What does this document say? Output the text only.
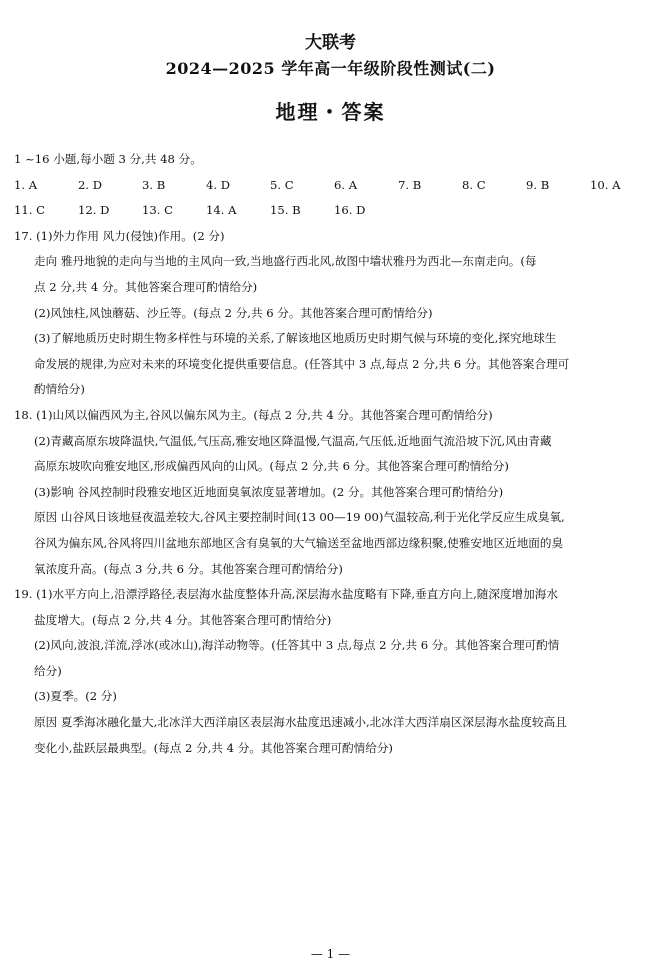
大联考
2024—2025 学年高一年级阶段性测试(二)
地理・答案
1 ~16 小题,每小题 3 分,共 48 分。
1. A	2. D	3. B	4. D	5. C	6. A	7. B	8. C	9. B	10. A
11. C	12. D	13. C	14. A	15. B	16. D
17. (1)外力作用 风力(侵蚀)作用。(2 分)
走向 雅丹地貌的走向与当地的主风向一致,当地盛行西北风,故图中墙状雅丹为西北—东南走向。(每
点 2 分,共 4 分。其他答案合理可酌情给分)
(2)风蚀柱,风蚀蘑菇、沙丘等。(每点 2 分,共 6 分。其他答案合理可酌情给分)
(3)了解地质历史时期生物多样性与环境的关系,了解该地区地质历史时期气候与环境的变化,探究地球生
命发展的规律,为应对未来的环境变化提供重要信息。(任答其中 3 点,每点 2 分,共 6 分。其他答案合理可
酌情给分)
18. (1)山风以偏西风为主,谷风以偏东风为主。(每点 2 分,共 4 分。其他答案合理可酌情给分)
(2)青藏高原东坡降温快,气温低,气压高,雅安地区降温慢,气温高,气压低,近地面气流沿坡下沉,风由青藏
高原东坡吹向雅安地区,形成偏西风向的山风。(每点 2 分,共 6 分。其他答案合理可酌情给分)
(3)影响 谷风控制时段雅安地区近地面臭氧浓度显著增加。(2 分。其他答案合理可酌情给分)
原因 山谷风日该地昼夜温差较大,谷风主要控制时间(13 00—19 00)气温较高,利于光化学反应生成臭氧,
谷风为偏东风,谷风将四川盆地东部地区含有臭氧的大气输送至盆地西部边缘积聚,使雅安地区近地面的臭
氧浓度升高。(每点 3 分,共 6 分。其他答案合理可酌情给分)
19. (1)水平方向上,沿漂浮路径,表层海水盐度整体升高,深层海水盐度略有下降,垂直方向上,随深度增加海水
盐度增大。(每点 2 分,共 4 分。其他答案合理可酌情给分)
(2)风向,波浪,洋流,浮冰(或冰山),海洋动物等。(任答其中 3 点,每点 2 分,共 6 分。其他答案合理可酌情
给分)
(3)夏季。(2 分)
原因 夏季海冰融化量大,北冰洋大西洋扇区表层海水盐度迅速减小,北冰洋大西洋扇区深层海水盐度较高且
变化小,盐跃层最典型。(每点 2 分,共 4 分。其他答案合理可酌情给分)
— 1 —
